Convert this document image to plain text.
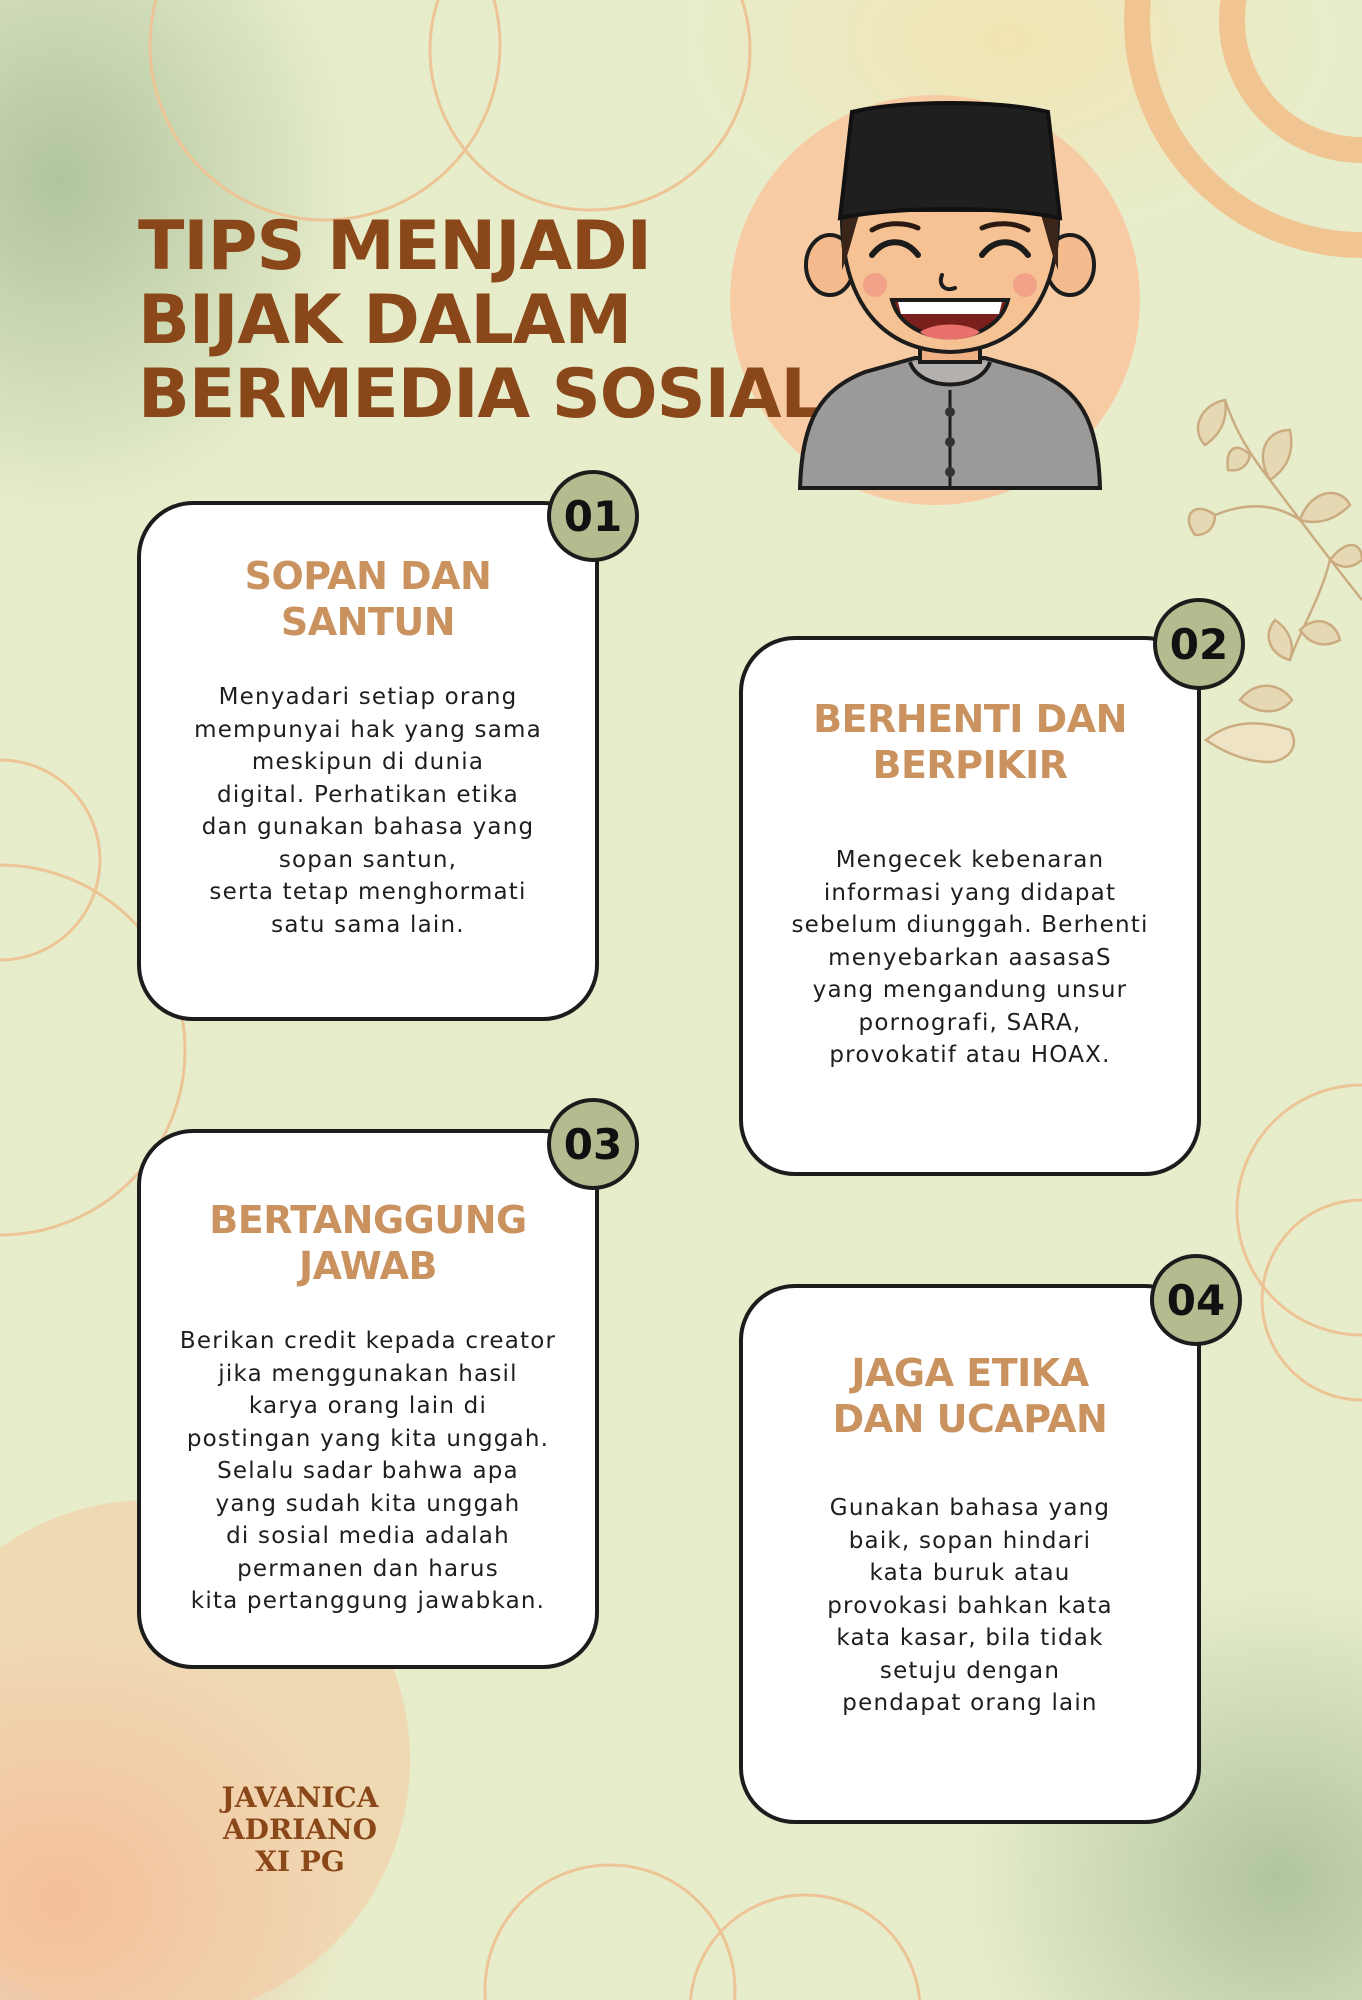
TIPS MENJADI
BIJAK DALAM
BERMEDIA SOSIAL
SOPAN DAN
SANTUN

Menyadari setiap orang
mempunyai hak yang sama
meskipun di dunia
digital. Perhatikan etika
dan gunakan bahasa yang
sopan santun,
serta tetap menghormati
satu sama lain.

01
BERHENTI DAN
BERPIKIR

Mengecek kebenaran
informasi yang didapat
sebelum diunggah. Berhenti
menyebarkan aasasaS
yang mengandung unsur
pornografi, SARA,
provokatif atau HOAX.

02
BERTANGGUNG
JAWAB

Berikan credit kepada creator
jika menggunakan hasil
karya orang lain di
postingan yang kita unggah.
Selalu sadar bahwa apa
yang sudah kita unggah
di sosial media adalah
permanen dan harus
kita pertanggung jawabkan.

03
JAGA ETIKA
DAN UCAPAN

Gunakan bahasa yang
baik, sopan hindari
kata buruk atau
provokasi bahkan kata
kata kasar, bila tidak
setuju dengan
pendapat orang lain

04

JAVANICA ADRIANO
XI PG
